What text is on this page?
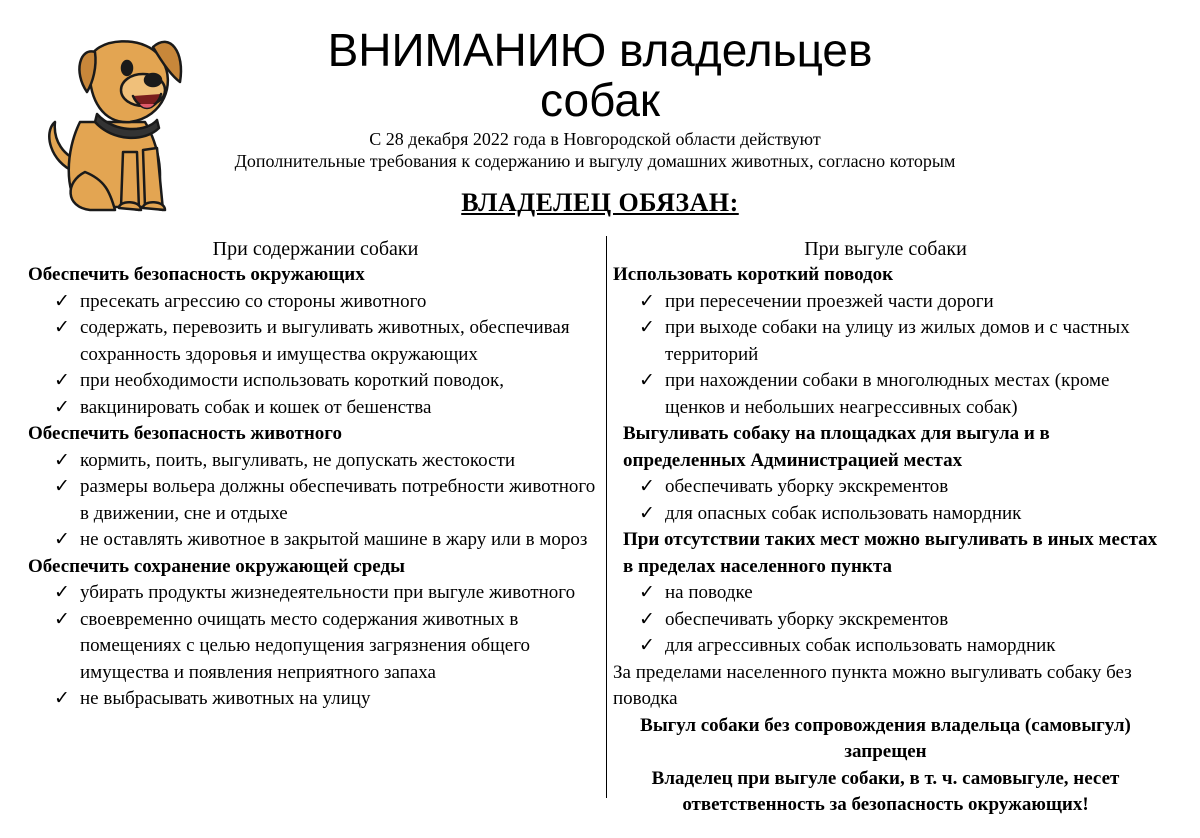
ВНИМАНИЮ владельцев
собак
С 28 декабря 2022 года в Новгородской области действуют
Дополнительные требования к содержанию и выгулу домашних животных, согласно которым
ВЛАДЕЛЕЦ ОБЯЗАН:
При содержании собаки
Обеспечить безопасность окружающих
✓ пресекать агрессию со стороны животного
✓ содержать, перевозить и выгуливать животных, обеспечивая сохранность здоровья и имущества окружающих
✓ при необходимости использовать короткий поводок,
✓ вакцинировать собак и кошек от бешенства
Обеспечить безопасность животного
✓ кормить, поить, выгуливать, не допускать жестокости
✓ размеры вольера должны обеспечивать потребности животного в движении, сне и отдыхе
✓ не оставлять животное в закрытой машине в жару или в мороз
Обеспечить сохранение окружающей среды
✓ убирать продукты жизнедеятельности при выгуле животного
✓ своевременно очищать место содержания животных в помещениях с целью недопущения загрязнения общего имущества и появления неприятного запаха
✓ не выбрасывать животных на улицу
При выгуле собаки
Использовать короткий поводок
✓ при пересечении проезжей части дороги
✓ при выходе собаки на улицу из жилых домов и с частных территорий
✓ при нахождении собаки в многолюдных местах (кроме щенков и небольших неагрессивных собак)
Выгуливать собаку на площадках для выгула и в определенных Администрацией местах
✓ обеспечивать уборку экскрементов
✓ для опасных собак использовать намордник
При отсутствии таких мест можно выгуливать в иных местах в пределах населенного пункта
✓ на поводке
✓ обеспечивать уборку экскрементов
✓ для агрессивных собак использовать намордник
За пределами населенного пункта можно выгуливать собаку без поводка
Выгул собаки без сопровождения владельца (самовыгул) запрещен
Владелец при выгуле собаки, в т. ч. самовыгуле, несет ответственность за безопасность окружающих!
